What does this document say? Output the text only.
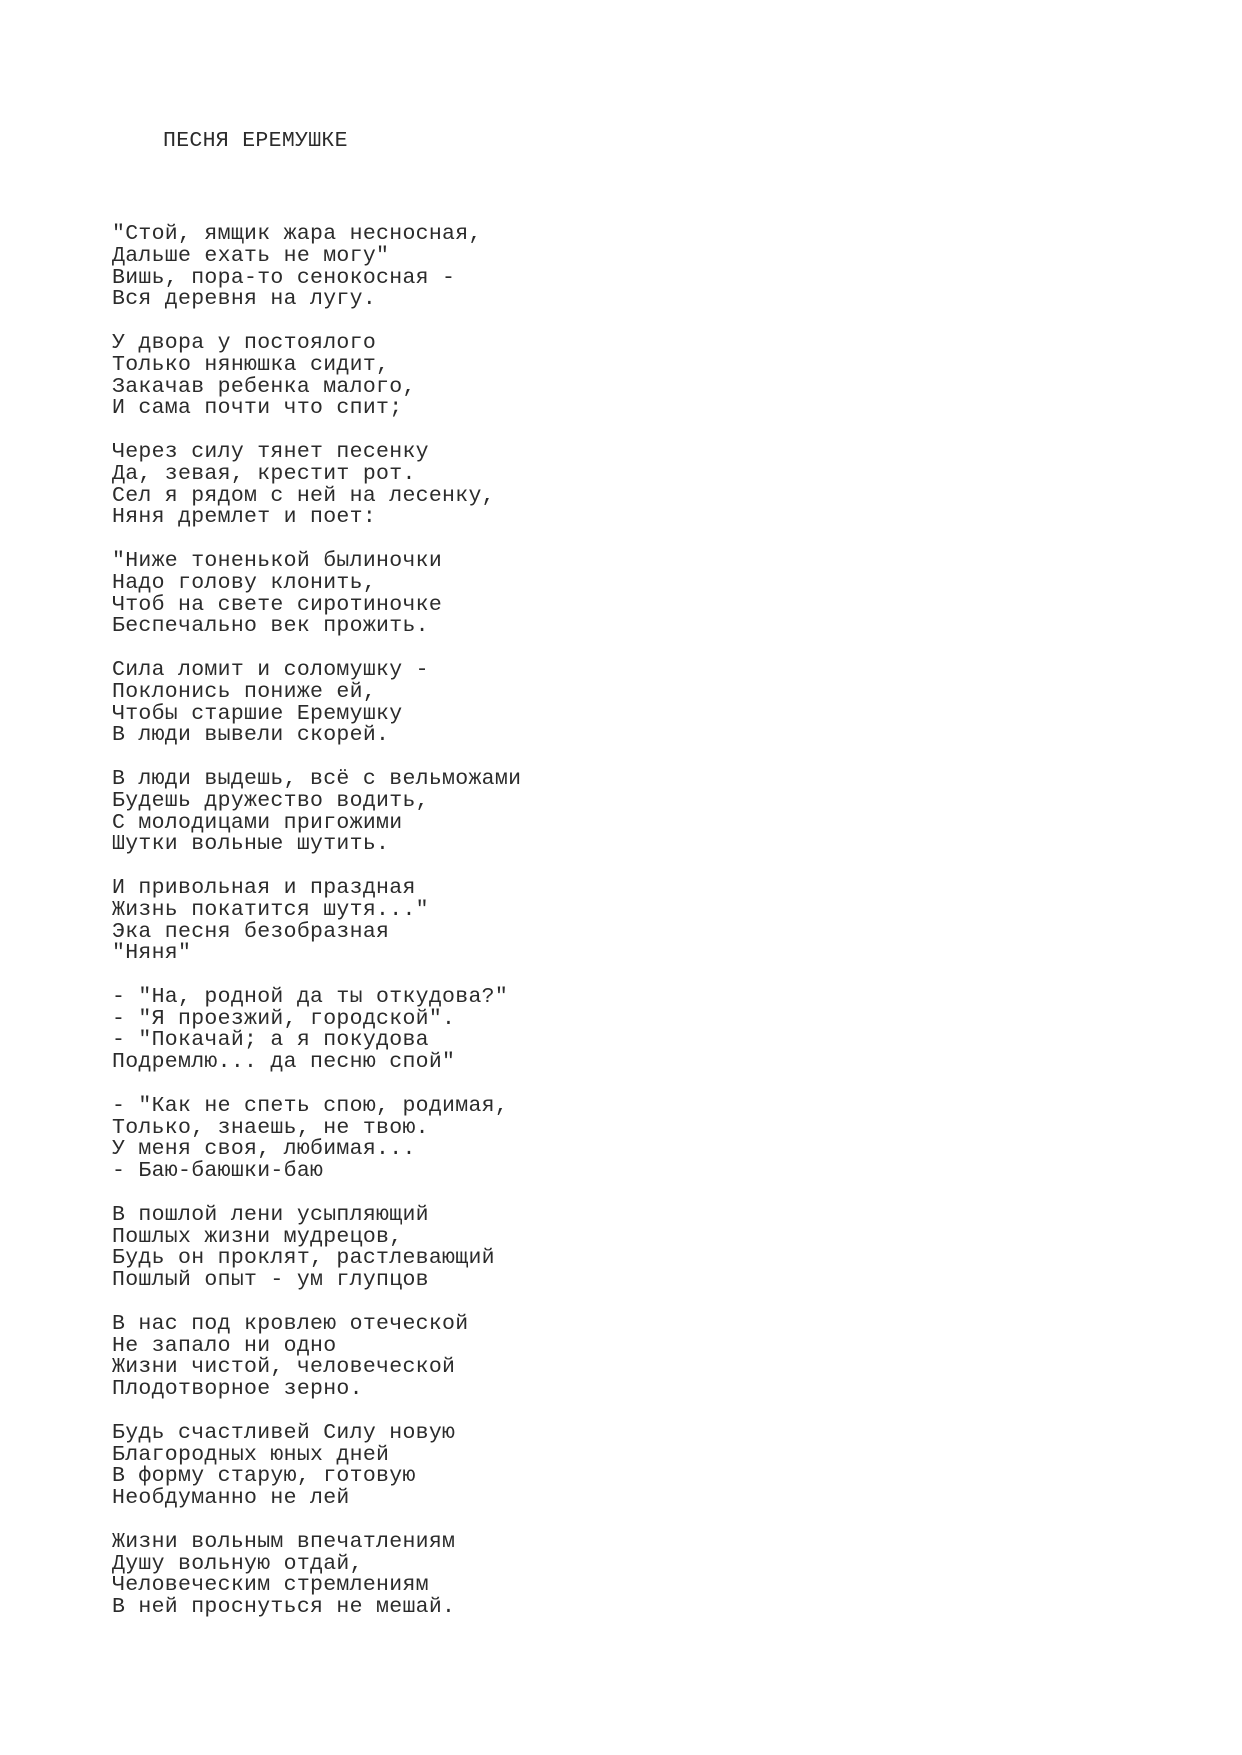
ПЕСНЯ ЕРЕМУШКЕ
"Стой, ямщик жара несносная,
Дальше ехать не могу"
Вишь, пора-то сенокосная -
Вся деревня на лугу.
У двора у постоялого
Только нянюшка сидит,
Закачав ребенка малого,
И сама почти что спит;
Через силу тянет песенку
Да, зевая, крестит рот.
Сел я рядом с ней на лесенку,
Няня дремлет и поет:
"Ниже тоненькой былиночки
Надо голову клонить,
Чтоб на свете сиротиночке
Беспечально век прожить.
Сила ломит и соломушку -
Поклонись пониже ей,
Чтобы старшие Еремушку
В люди вывели скорей.
В люди выдешь, всё с вельможами
Будешь дружество водить,
С молодицами пригожими
Шутки вольные шутить.
И привольная и праздная
Жизнь покатится шутя..."
Эка песня безобразная
"Няня"
- "На, родной да ты откудова?"
- "Я проезжий, городской".
- "Покачай; а я покудова
Подремлю... да песню спой"
- "Как не спеть спою, родимая,
Только, знаешь, не твою.
У меня своя, любимая...
- Баю-баюшки-баю
В пошлой лени усыпляющий
Пошлых жизни мудрецов,
Будь он проклят, растлевающий
Пошлый опыт - ум глупцов
В нас под кровлею отеческой
Не запало ни одно
Жизни чистой, человеческой
Плодотворное зерно.
Будь счастливей Силу новую
Благородных юных дней
В форму старую, готовую
Необдуманно не лей
Жизни вольным впечатлениям
Душу вольную отдай,
Человеческим стремлениям
В ней проснуться не мешай.
